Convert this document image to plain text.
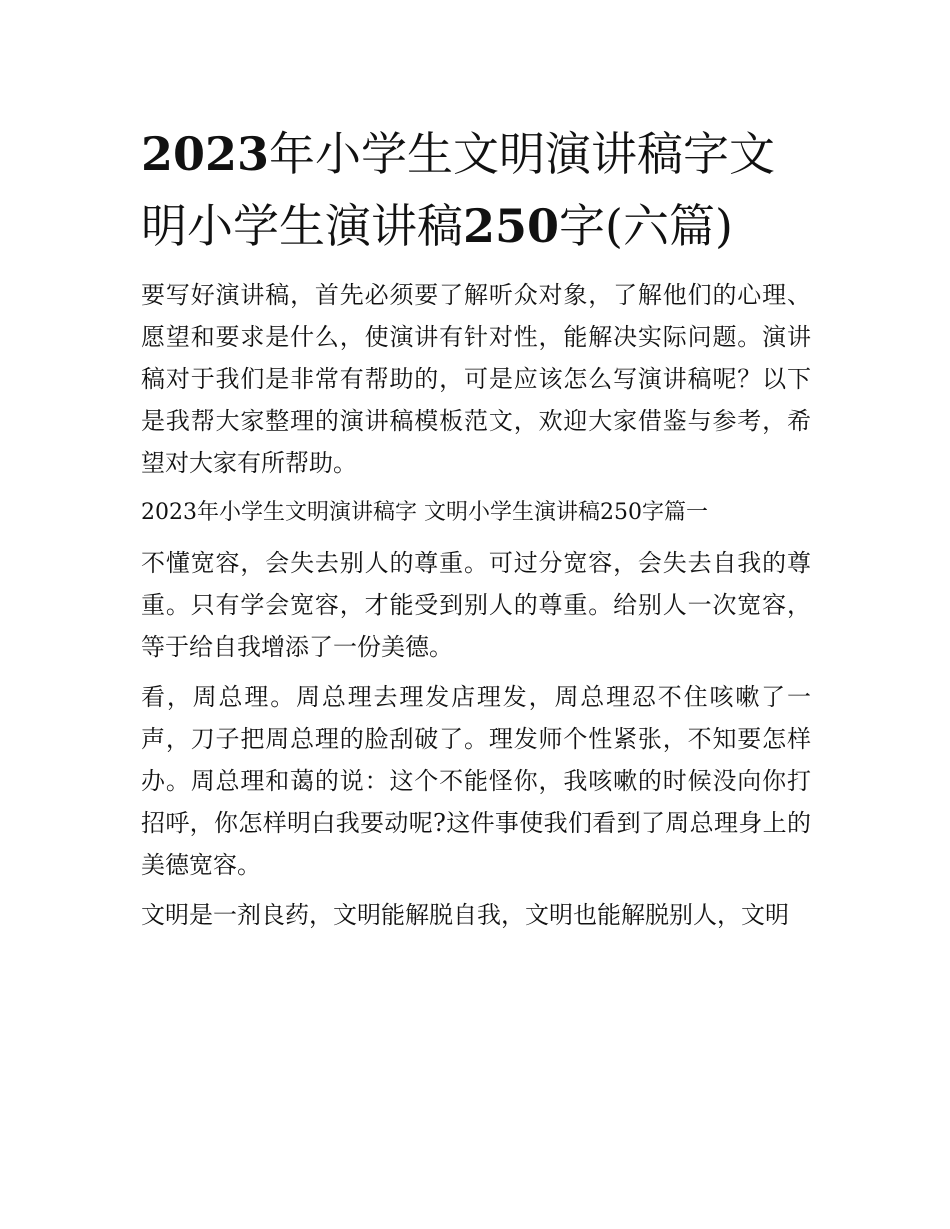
2023年小学生文明演讲稿字文明小学生演讲稿250字(六篇)

要写好演讲稿，首先必须要了解听众对象，了解他们的心理、愿望和要求是什么，使演讲有针对性，能解决实际问题。演讲稿对于我们是非常有帮助的，可是应该怎么写演讲稿呢？以下是我帮大家整理的演讲稿模板范文，欢迎大家借鉴与参考，希望对大家有所帮助。

2023年小学生文明演讲稿字 文明小学生演讲稿250字篇一

不懂宽容，会失去别人的尊重。可过分宽容，会失去自我的尊重。只有学会宽容，才能受到别人的尊重。给别人一次宽容，等于给自我增添了一份美德。

看，周总理。周总理去理发店理发，周总理忍不住咳嗽了一声，刀子把周总理的脸刮破了。理发师个性紧张，不知要怎样办。周总理和蔼的说：这个不能怪你，我咳嗽的时候没向你打招呼，你怎样明白我要动呢?这件事使我们看到了周总理身上的美德宽容。

文明是一剂良药，文明能解脱自我，文明也能解脱别人，文明
